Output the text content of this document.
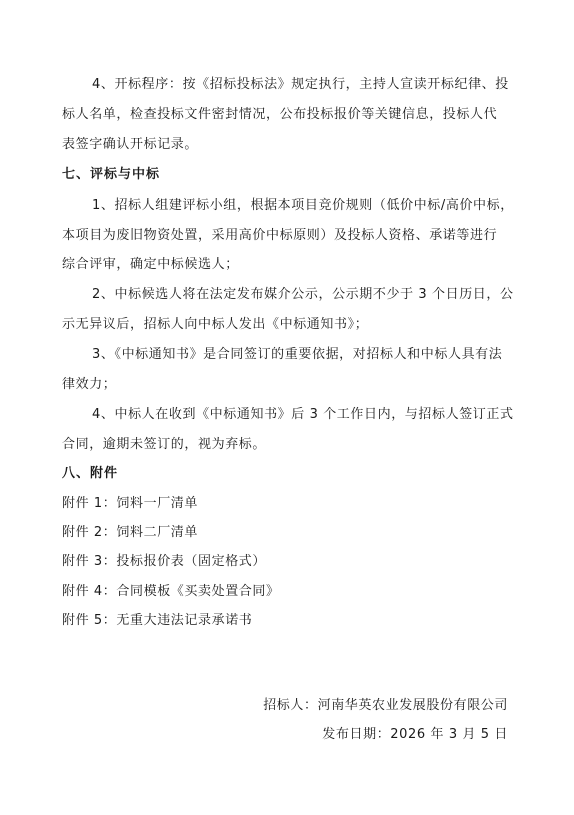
4、开标程序：按《招标投标法》规定执行，主持人宣读开标纪律、投
标人名单，检查投标文件密封情况，公布投标报价等关键信息，投标人代
表签字确认开标记录。
七、评标与中标
1、招标人组建评标小组，根据本项目竞价规则（低价中标/高价中标，
本项目为废旧物资处置，采用高价中标原则）及投标人资格、承诺等进行
综合评审，确定中标候选人；
2、中标候选人将在法定发布媒介公示，公示期不少于 3 个日历日，公
示无异议后，招标人向中标人发出《中标通知书》；
3、《中标通知书》是合同签订的重要依据，对招标人和中标人具有法
律效力；
4、中标人在收到《中标通知书》后 3 个工作日内，与招标人签订正式
合同，逾期未签订的，视为弃标。
八、附件
附件 1：饲料一厂清单
附件 2：饲料二厂清单
附件 3：投标报价表（固定格式）
附件 4：合同模板《买卖处置合同》
附件 5：无重大违法记录承诺书
招标人：河南华英农业发展股份有限公司
发布日期：2026 年 3 月 5 日
